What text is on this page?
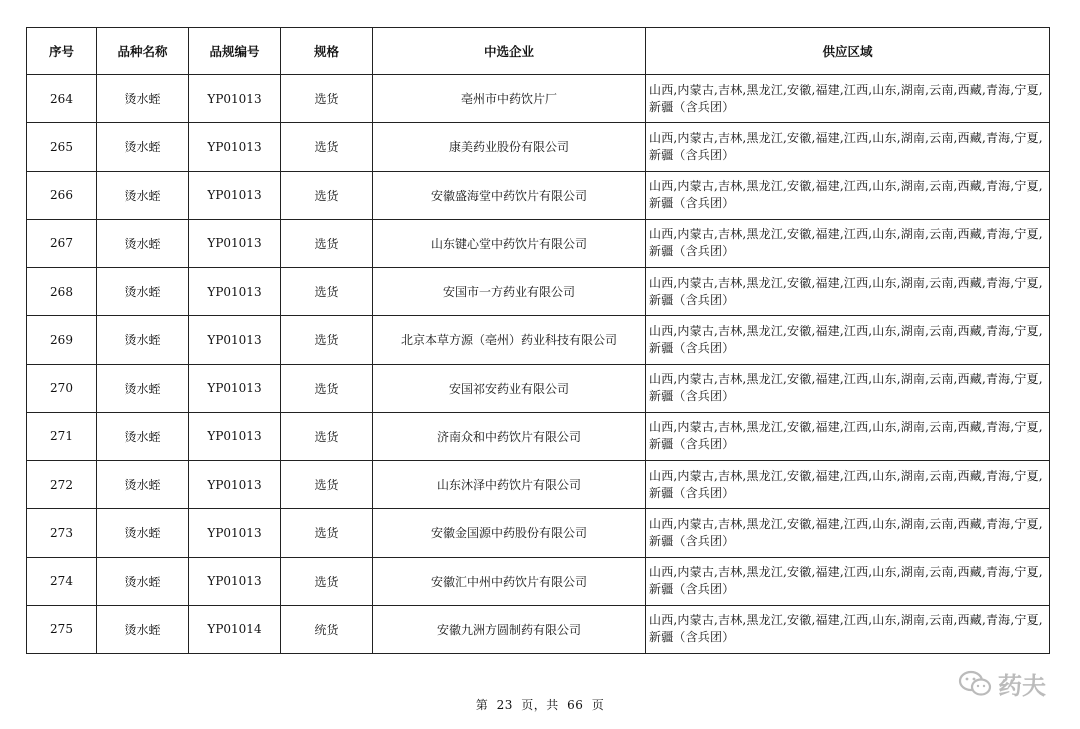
序号	品种名称	品规编号	规格	中选企业	供应区域
264	烫水蛭	YP01013	选货	亳州市中药饮片厂	山西,内蒙古,吉林,黑龙江,安徽,福建,江西,山东,湖南,云南,西藏,青海,宁夏,新疆（含兵团）
265	烫水蛭	YP01013	选货	康美药业股份有限公司	山西,内蒙古,吉林,黑龙江,安徽,福建,江西,山东,湖南,云南,西藏,青海,宁夏,新疆（含兵团）
266	烫水蛭	YP01013	选货	安徽盛海堂中药饮片有限公司	山西,内蒙古,吉林,黑龙江,安徽,福建,江西,山东,湖南,云南,西藏,青海,宁夏,新疆（含兵团）
267	烫水蛭	YP01013	选货	山东键心堂中药饮片有限公司	山西,内蒙古,吉林,黑龙江,安徽,福建,江西,山东,湖南,云南,西藏,青海,宁夏,新疆（含兵团）
268	烫水蛭	YP01013	选货	安国市一方药业有限公司	山西,内蒙古,吉林,黑龙江,安徽,福建,江西,山东,湖南,云南,西藏,青海,宁夏,新疆（含兵团）
269	烫水蛭	YP01013	选货	北京本草方源（亳州）药业科技有限公司	山西,内蒙古,吉林,黑龙江,安徽,福建,江西,山东,湖南,云南,西藏,青海,宁夏,新疆（含兵团）
270	烫水蛭	YP01013	选货	安国祁安药业有限公司	山西,内蒙古,吉林,黑龙江,安徽,福建,江西,山东,湖南,云南,西藏,青海,宁夏,新疆（含兵团）
271	烫水蛭	YP01013	选货	济南众和中药饮片有限公司	山西,内蒙古,吉林,黑龙江,安徽,福建,江西,山东,湖南,云南,西藏,青海,宁夏,新疆（含兵团）
272	烫水蛭	YP01013	选货	山东沐泽中药饮片有限公司	山西,内蒙古,吉林,黑龙江,安徽,福建,江西,山东,湖南,云南,西藏,青海,宁夏,新疆（含兵团）
273	烫水蛭	YP01013	选货	安徽金国源中药股份有限公司	山西,内蒙古,吉林,黑龙江,安徽,福建,江西,山东,湖南,云南,西藏,青海,宁夏,新疆（含兵团）
274	烫水蛭	YP01013	选货	安徽汇中州中药饮片有限公司	山西,内蒙古,吉林,黑龙江,安徽,福建,江西,山东,湖南,云南,西藏,青海,宁夏,新疆（含兵团）
275	烫水蛭	YP01014	统货	安徽九洲方圆制药有限公司	山西,内蒙古,吉林,黑龙江,安徽,福建,江西,山东,湖南,云南,西藏,青海,宁夏,新疆（含兵团）
第 23 页，共 66 页
药夫
